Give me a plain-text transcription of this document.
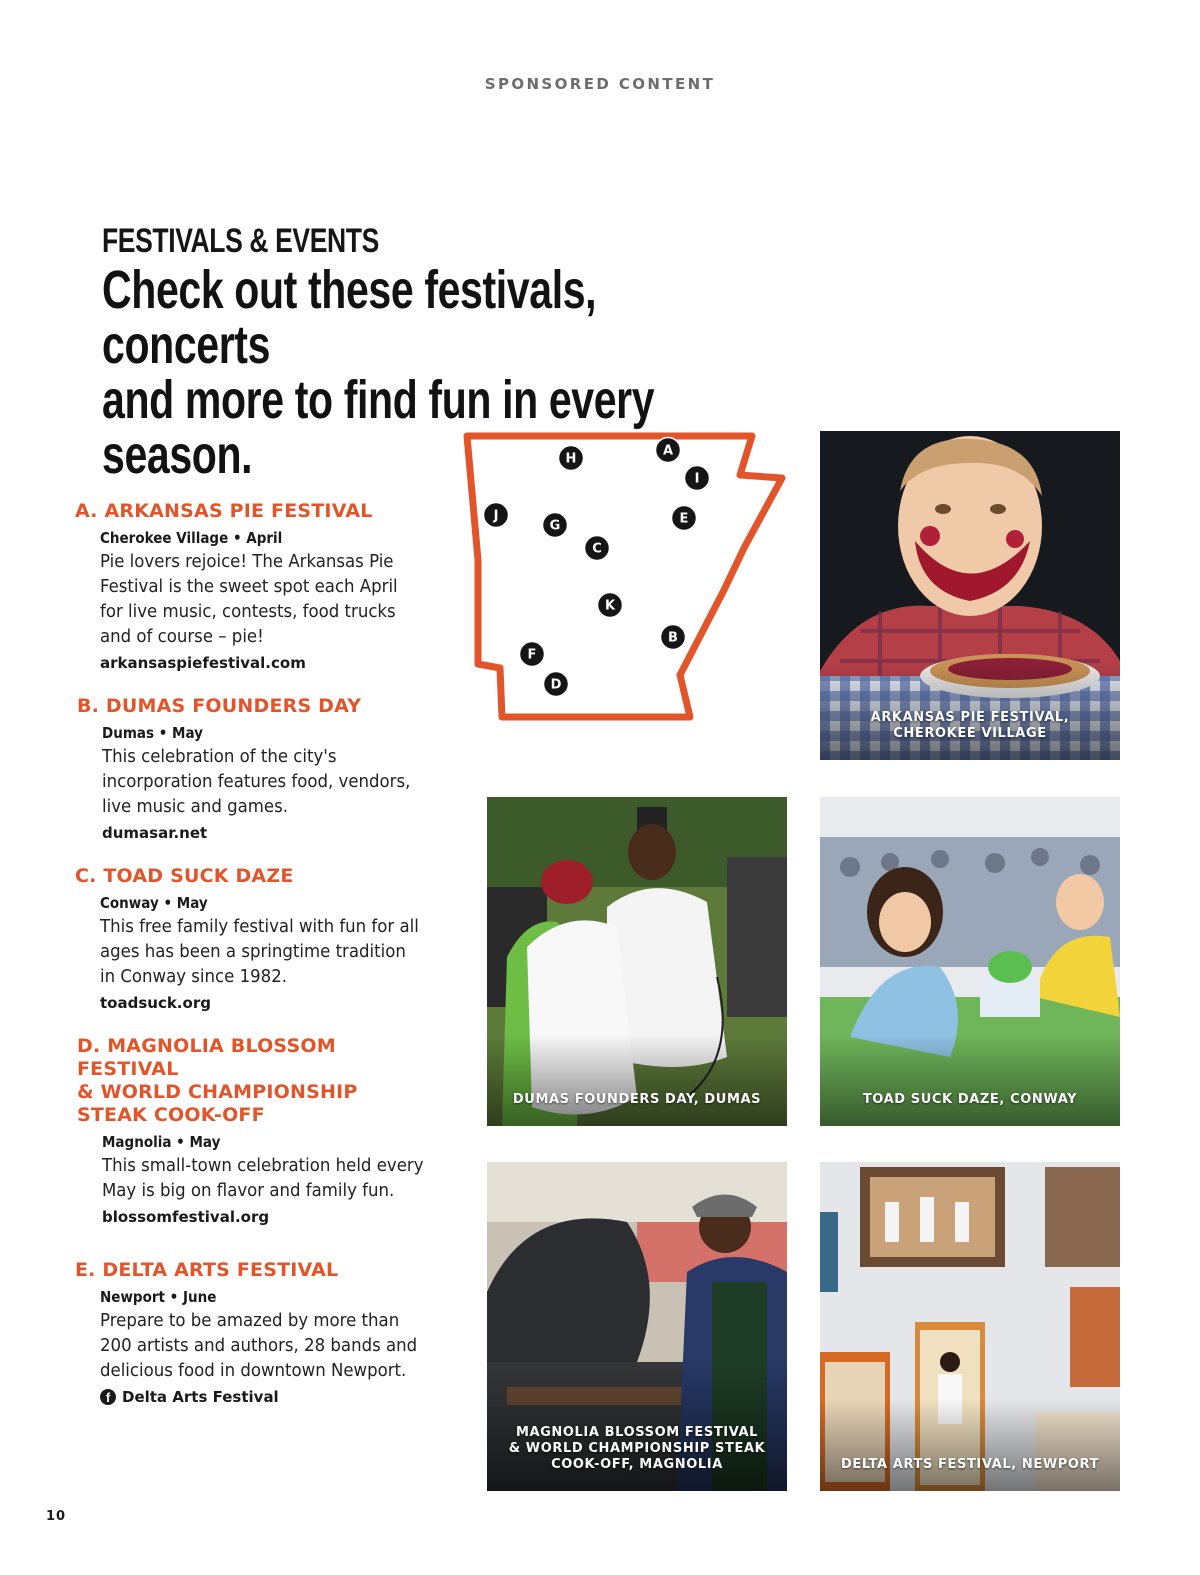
SPONSORED CONTENT
FESTIVALS & EVENTS
Check out these festivals, concerts
and more to find fun in every season.
A. ARKANSAS PIE FESTIVAL
Cherokee Village • April
Pie lovers rejoice! The Arkansas Pie Festival is the sweet spot each April for live music, contests, food trucks and of course – pie!
arkansaspiefestival.com
B. DUMAS FOUNDERS DAY
Dumas • May
This celebration of the city's incorporation features food, vendors, live music and games.
dumasar.net
C. TOAD SUCK DAZE
Conway • May
This free family festival with fun for all ages has been a springtime tradition in Conway since 1982.
toadsuck.org
D. MAGNOLIA BLOSSOM FESTIVAL
& WORLD CHAMPIONSHIP
STEAK COOK-OFF
Magnolia • May
This small-town celebration held every May is big on flavor and family fun.
blossomfestival.org
E. DELTA ARTS FESTIVAL
Newport • June
Prepare to be amazed by more than 200 artists and authors, 28 bands and delicious food in downtown Newport.
f Delta Arts Festival
A
B
C
D
E
F
G
H
I
J
K
ARKANSAS PIE FESTIVAL,
CHEROKEE VILLAGE
DUMAS FOUNDERS DAY, DUMAS	TOAD SUCK DAZE, CONWAY
MAGNOLIA BLOSSOM FESTIVAL
& WORLD CHAMPIONSHIP STEAK
COOK-OFF, MAGNOLIA	DELTA ARTS FESTIVAL, NEWPORT
10
